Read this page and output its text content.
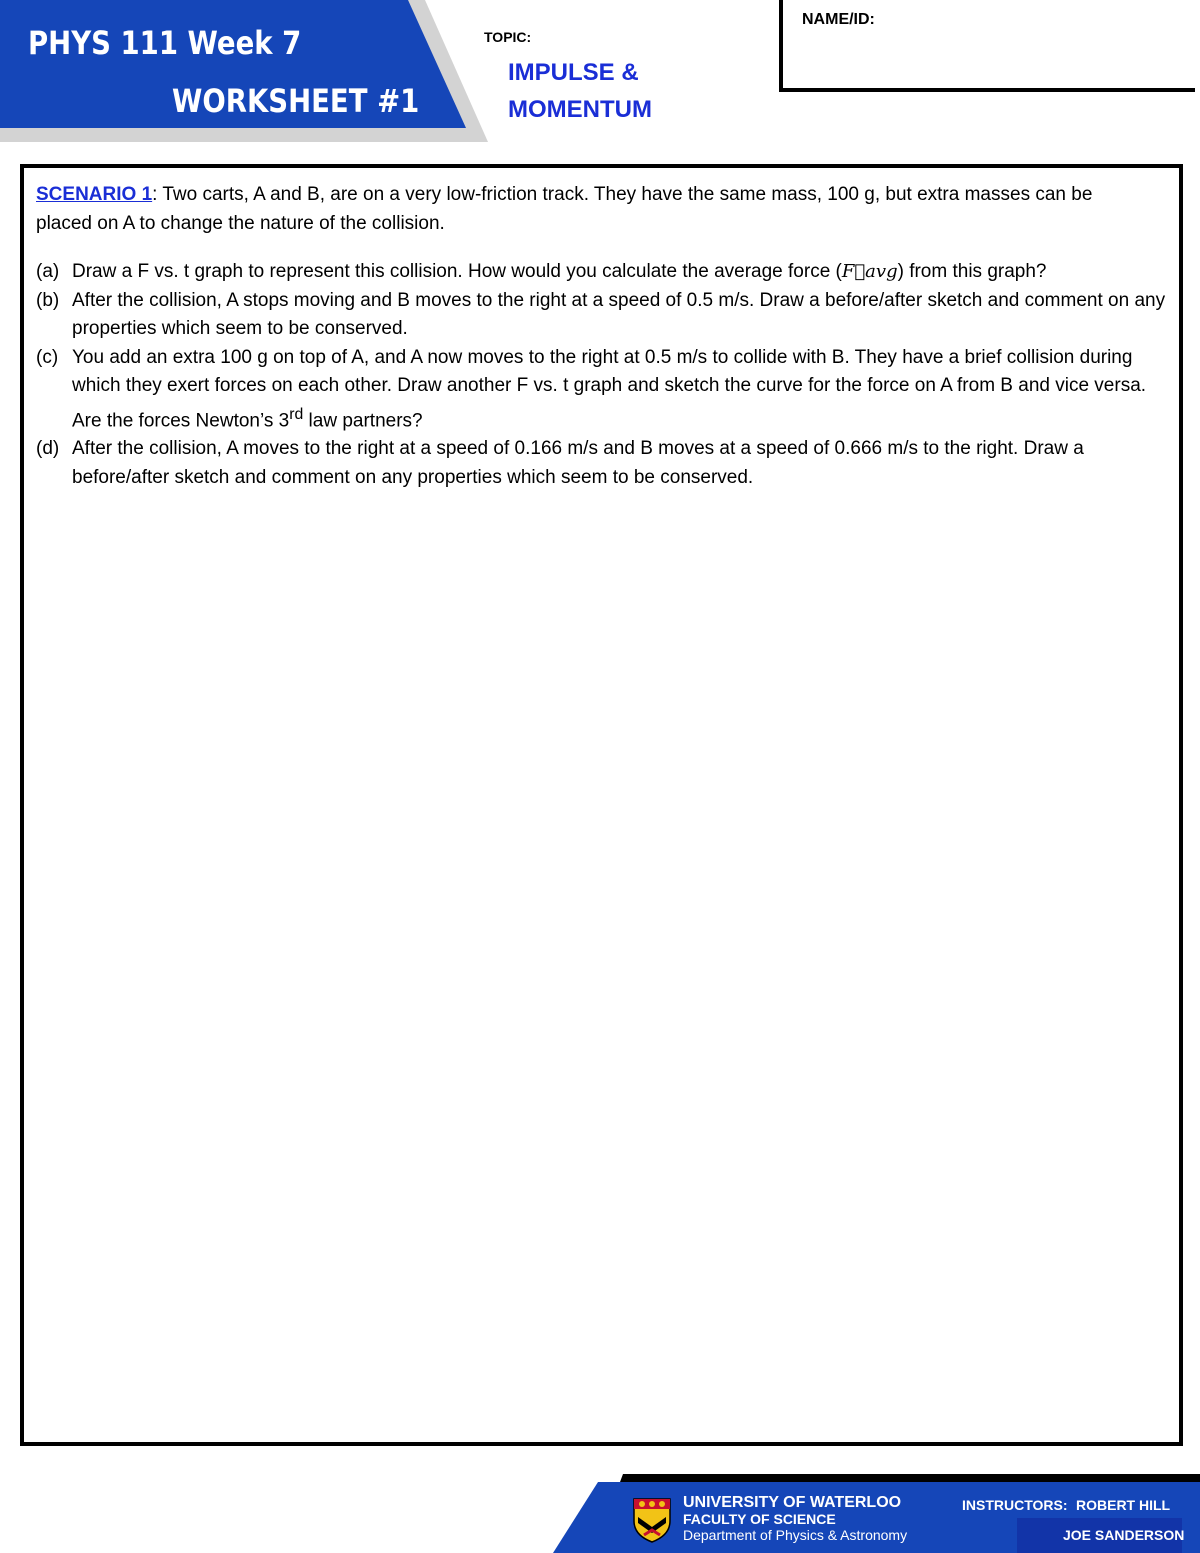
PHYS 111 Week 7
WORKSHEET #1
TOPIC:
IMPULSE &
MOMENTUM
NAME/ID:
SCENARIO 1: Two carts, A and B, are on a very low-friction track. They have the same mass, 100 g, but extra masses can be placed on A to change the nature of the collision.
(a) Draw a F vs. t graph to represent this collision. How would you calculate the average force (F⃗avg) from this graph?
(b) After the collision, A stops moving and B moves to the right at a speed of 0.5 m/s. Draw a before/after sketch and comment on any properties which seem to be conserved.
(c) You add an extra 100 g on top of A, and A now moves to the right at 0.5 m/s to collide with B. They have a brief collision during which they exert forces on each other. Draw another F vs. t graph and sketch the curve for the force on A from B and vice versa. Are the forces Newton’s 3rd law partners?
(d) After the collision, A moves to the right at a speed of 0.166 m/s and B moves at a speed of 0.666 m/s to the right. Draw a before/after sketch and comment on any properties which seem to be conserved.
UNIVERSITY OF WATERLOO
FACULTY OF SCIENCE
Department of Physics & Astronomy
INSTRUCTORS: ROBERT HILL
JOE SANDERSON
